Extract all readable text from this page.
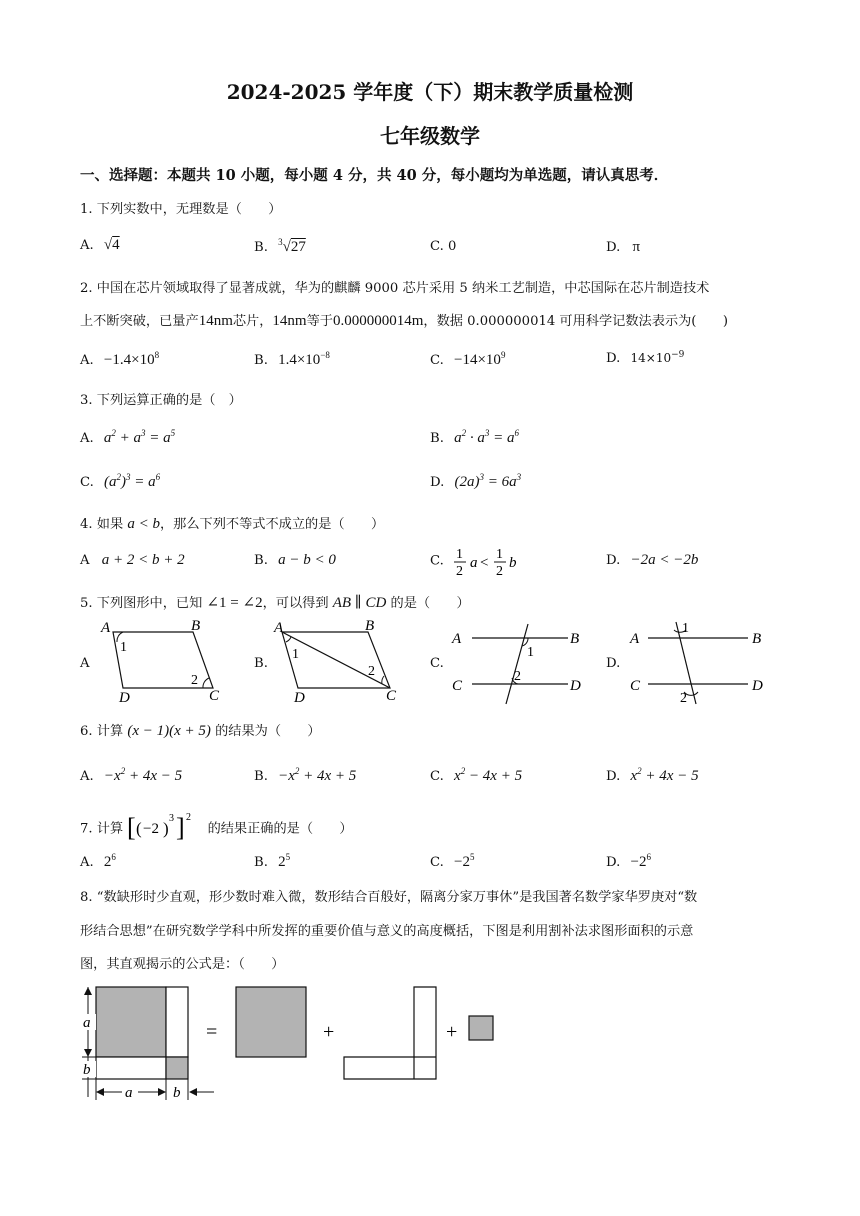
2024-2025 学年度（下）期末教学质量检测
七年级数学
一、选择题：本题共 10 小题，每小题 4 分，共 40 分，每小题均为单选题，请认真思考．
1. 下列实数中，无理数是（　　）
A. √4	B. $^3$√27	C. 0	D. π
2. 中国在芯片领域取得了显著成就，华为的麒麟 9000 芯片采用 5 纳米工艺制造，中芯国际在芯片制造技术
上不断突破，已量产14nm芯片，14nm等于0.000000014m，数据 0.000000014 可用科学记数法表示为(　　)
A. $-1.4\times 10^8$	B. $1.4\times 10^{-8}$	C. $-14\times 10^9$	D. $14\times 10^{-9}$
3. 下列运算正确的是（　）
A. $a^2 + a^3 = a^5$	B. $a^2 \cdot a^3 = a^6$
C. $(a^2)^3 = a^6$	D. $(2a)^3 = 6a^3$
4. 如果 a < b，那么下列不等式不成立的是（　　）
A a + 2 < b + 2	B. a − b < 0	C. 1
2
a <
1
2
b	D. −2a < −2b
5. 下列图形中，已知 ∠1 = ∠2，可以得到 AB ∥ CD 的是（　　）
A	B.	C.	D.
A	B
C
D
1
2
A	B
C
D
1
2
A	B
C	D
1
2
A	B
C	D
1
2
6. 计算 (x − 1)(x + 5) 的结果为（　　）
A. $-x^2 + 4x - 5$	B. $-x^2 + 4x + 5$	C. $x^2 - 4x + 5$	D. $x^2 + 4x - 5$
7. 计算 [ ( −2 )
3 ] 2
的结果正确的是（　　）
A. $2^6$	B. $2^5$	C. $-2^5$	D. $-2^6$
8. “数缺形时少直观，形少数时难入微，数形结合百般好，隔离分家万事休”是我国著名数学家华罗庚对“数
形结合思想”在研究数学学科中所发挥的重要价值与意义的高度概括，下图是利用割补法求图形面积的示意
图，其直观揭示的公式是：（　　）
a
b
a	b
=	+	+
